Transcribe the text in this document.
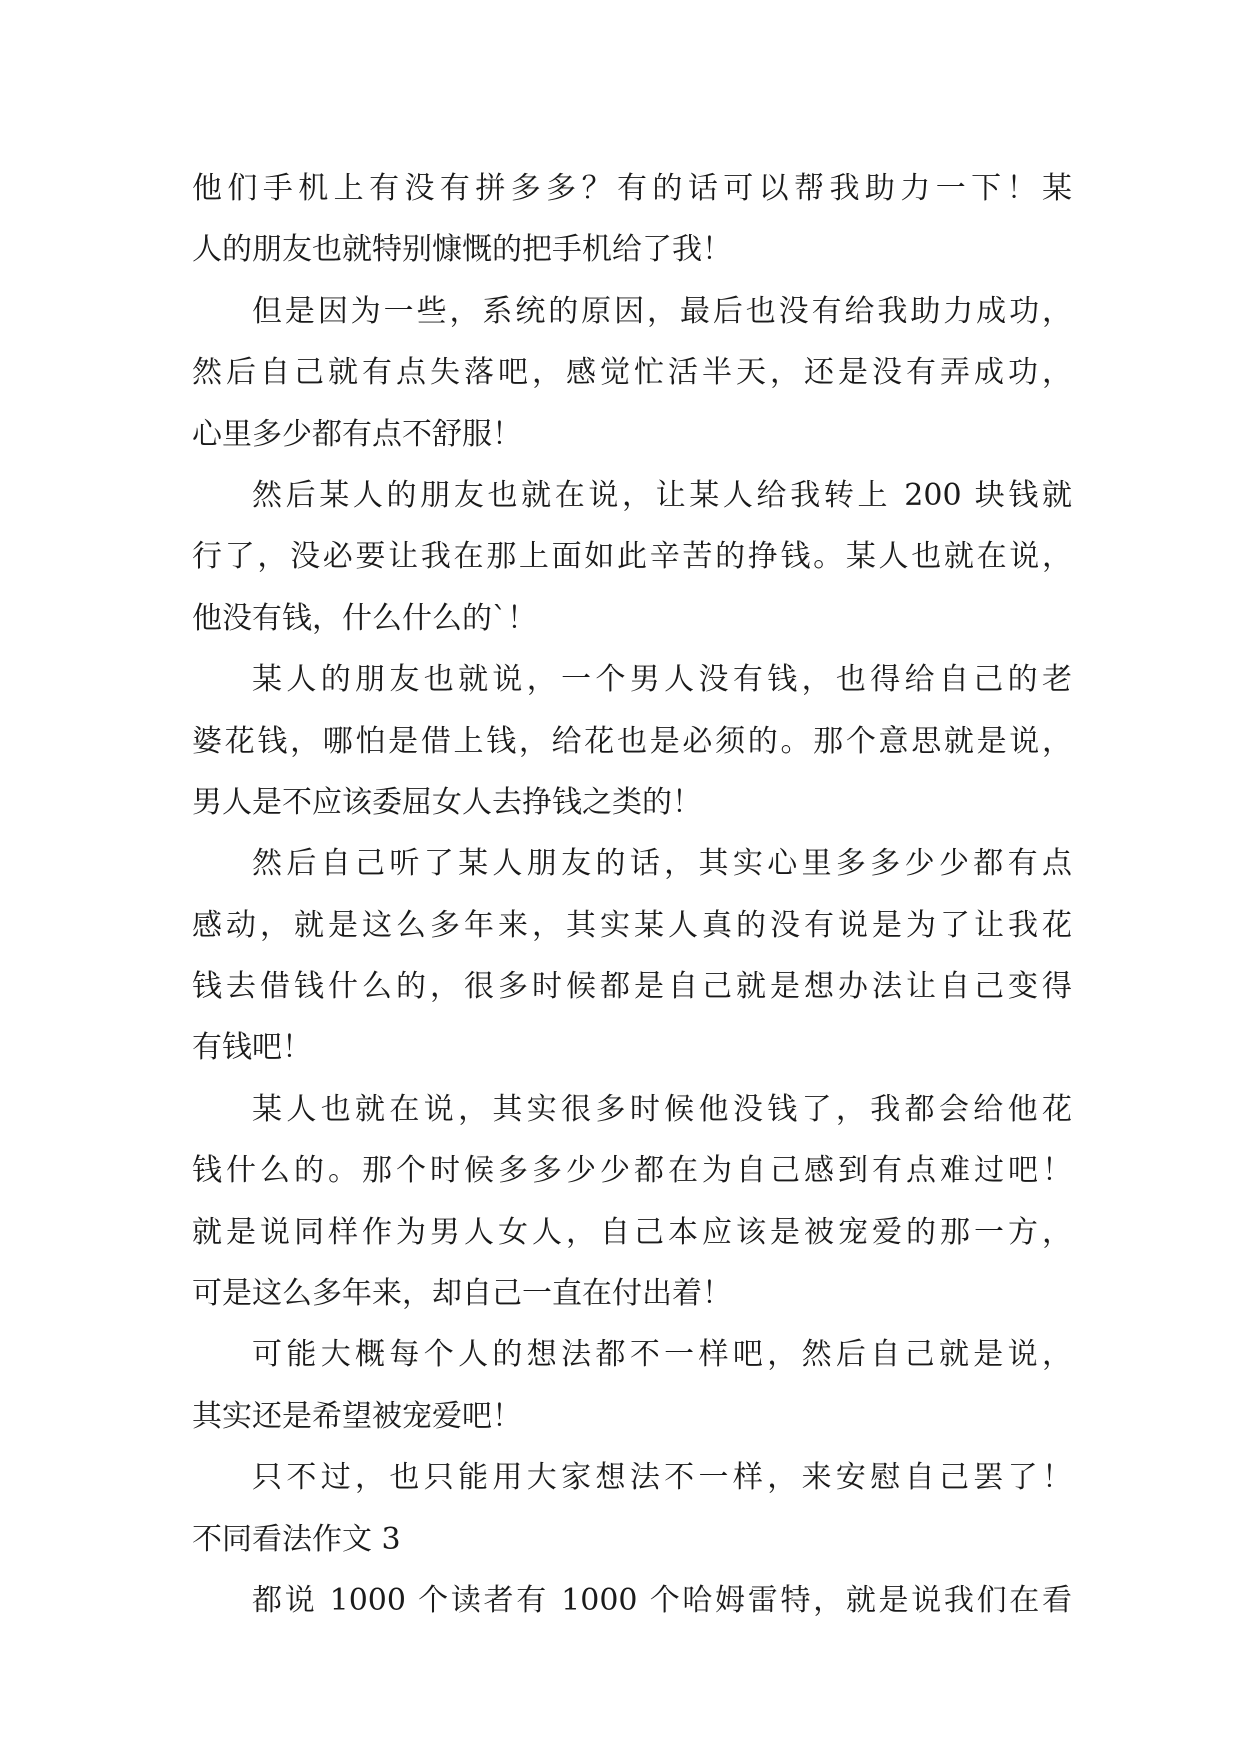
他们手机上有没有拼多多？有的话可以帮我助力一下！某
人的朋友也就特别慷慨的把手机给了我！
但是因为一些，系统的原因，最后也没有给我助力成功，
然后自己就有点失落吧，感觉忙活半天，还是没有弄成功，
心里多少都有点不舒服！
然后某人的朋友也就在说，让某人给我转上 200 块钱就
行了，没必要让我在那上面如此辛苦的挣钱。某人也就在说，
他没有钱，什么什么的`！
某人的朋友也就说，一个男人没有钱，也得给自己的老
婆花钱，哪怕是借上钱，给花也是必须的。那个意思就是说，
男人是不应该委屈女人去挣钱之类的！
然后自己听了某人朋友的话，其实心里多多少少都有点
感动，就是这么多年来，其实某人真的没有说是为了让我花
钱去借钱什么的，很多时候都是自己就是想办法让自己变得
有钱吧！
某人也就在说，其实很多时候他没钱了，我都会给他花
钱什么的。那个时候多多少少都在为自己感到有点难过吧！
就是说同样作为男人女人，自己本应该是被宠爱的那一方，
可是这么多年来，却自己一直在付出着！
可能大概每个人的想法都不一样吧，然后自己就是说，
其实还是希望被宠爱吧！
只不过，也只能用大家想法不一样，来安慰自己罢了！
不同看法作文 3
都说 1000 个读者有 1000 个哈姆雷特，就是说我们在看
